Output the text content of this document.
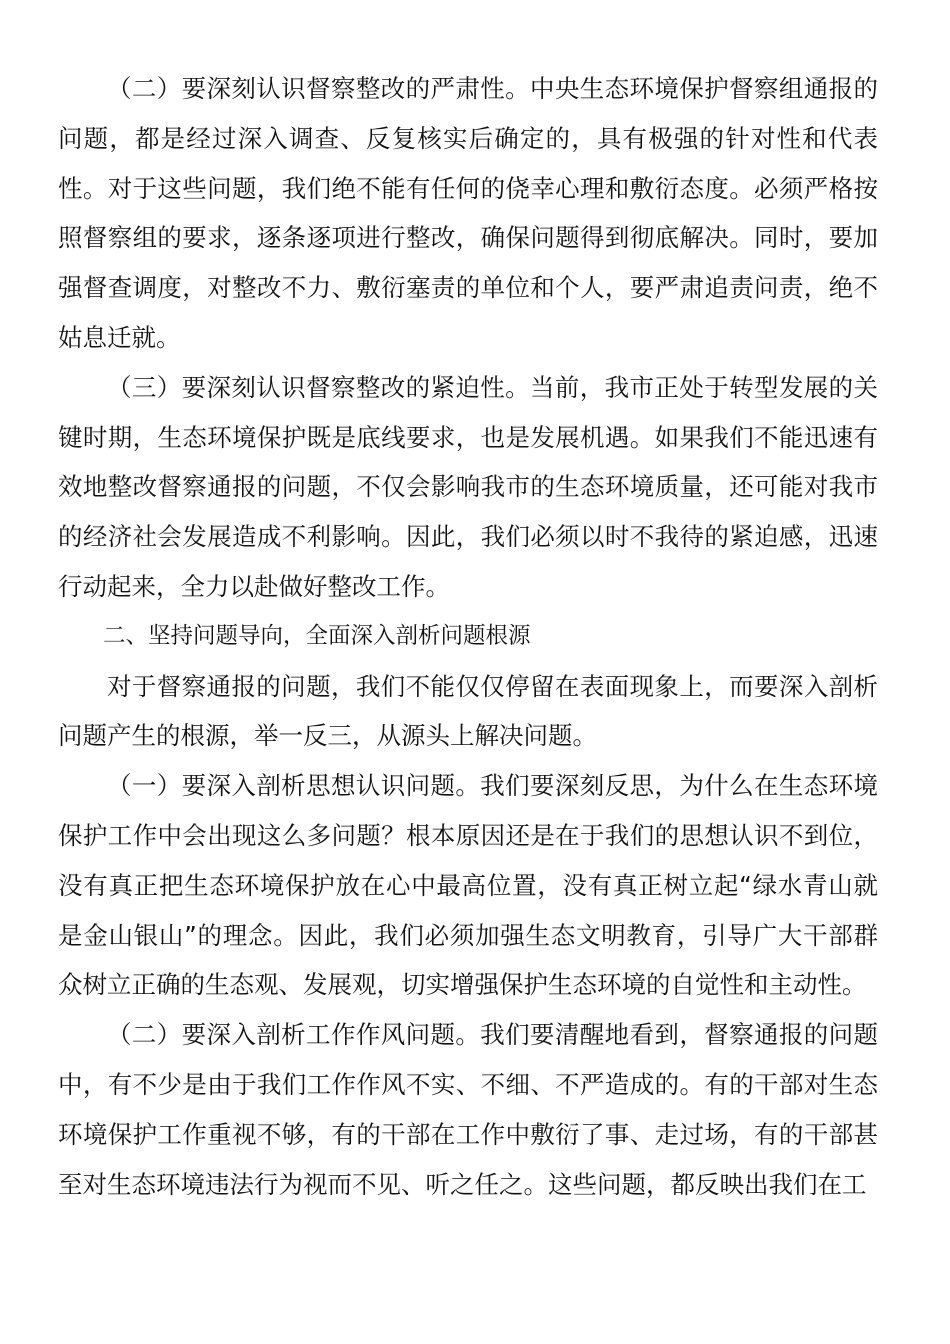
（二）要深刻认识督察整改的严肃性。中央生态环境保护督察组通报的问题，都是经过深入调查、反复核实后确定的，具有极强的针对性和代表性。对于这些问题，我们绝不能有任何的侥幸心理和敷衍态度。必须严格按照督察组的要求，逐条逐项进行整改，确保问题得到彻底解决。同时，要加强督查调度，对整改不力、敷衍塞责的单位和个人，要严肃追责问责，绝不姑息迁就。

（三）要深刻认识督察整改的紧迫性。当前，我市正处于转型发展的关键时期，生态环境保护既是底线要求，也是发展机遇。如果我们不能迅速有效地整改督察通报的问题，不仅会影响我市的生态环境质量，还可能对我市的经济社会发展造成不利影响。因此，我们必须以时不我待的紧迫感，迅速行动起来，全力以赴做好整改工作。

二、坚持问题导向，全面深入剖析问题根源

对于督察通报的问题，我们不能仅仅停留在表面现象上，而要深入剖析问题产生的根源，举一反三，从源头上解决问题。

（一）要深入剖析思想认识问题。我们要深刻反思，为什么在生态环境保护工作中会出现这么多问题？根本原因还是在于我们的思想认识不到位，没有真正把生态环境保护放在心中最高位置，没有真正树立起“绿水青山就是金山银山”的理念。因此，我们必须加强生态文明教育，引导广大干部群众树立正确的生态观、发展观，切实增强保护生态环境的自觉性和主动性。

（二）要深入剖析工作作风问题。我们要清醒地看到，督察通报的问题中，有不少是由于我们工作作风不实、不细、不严造成的。有的干部对生态环境保护工作重视不够，有的干部在工作中敷衍了事、走过场，有的干部甚至对生态环境违法行为视而不见、听之任之。这些问题，都反映出我们在工
